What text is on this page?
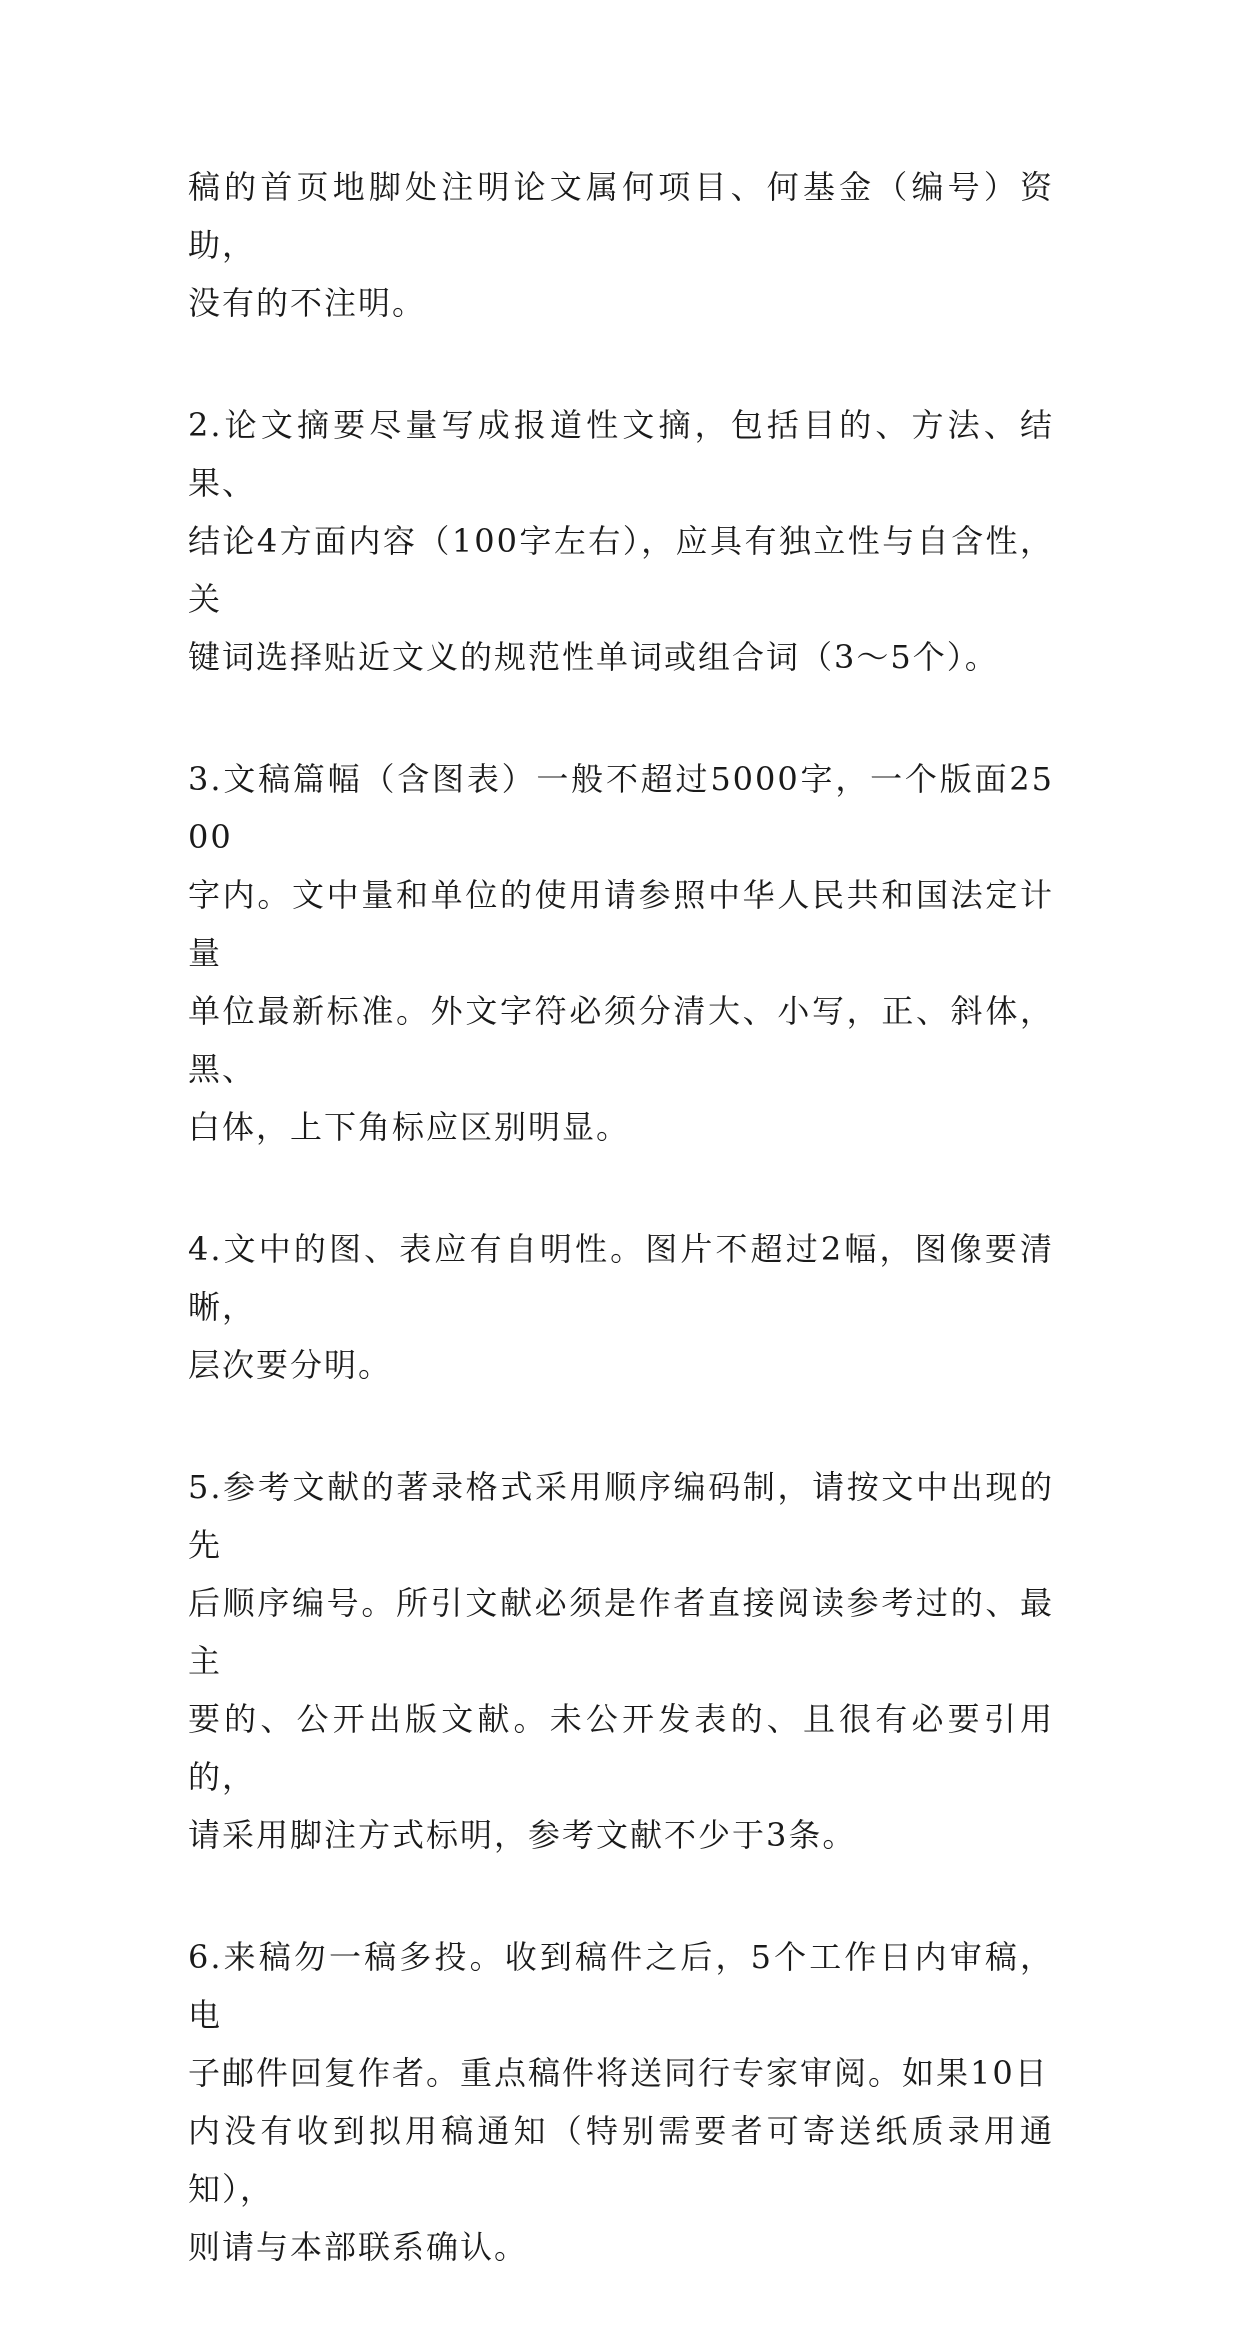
稿的首页地脚处注明论文属何项目、何基金（编号）资助，
没有的不注明。

2.论文摘要尽量写成报道性文摘，包括目的、方法、结果、
结论4方面内容（100字左右），应具有独立性与自含性，关
键词选择贴近文义的规范性单词或组合词（3～5个）。

3.文稿篇幅（含图表）一般不超过5000字，一个版面2500
字内。文中量和单位的使用请参照中华人民共和国法定计量
单位最新标准。外文字符必须分清大、小写，正、斜体，黑、
白体，上下角标应区别明显。

4.文中的图、表应有自明性。图片不超过2幅，图像要清晰，
层次要分明。

5.参考文献的著录格式采用顺序编码制，请按文中出现的先
后顺序编号。所引文献必须是作者直接阅读参考过的、最主
要的、公开出版文献。未公开发表的、且很有必要引用的，
请采用脚注方式标明，参考文献不少于3条。

6.来稿勿一稿多投。收到稿件之后，5个工作日内审稿，电
子邮件回复作者。重点稿件将送同行专家审阅。如果10日
内没有收到拟用稿通知（特别需要者可寄送纸质录用通知），
则请与本部联系确认。
